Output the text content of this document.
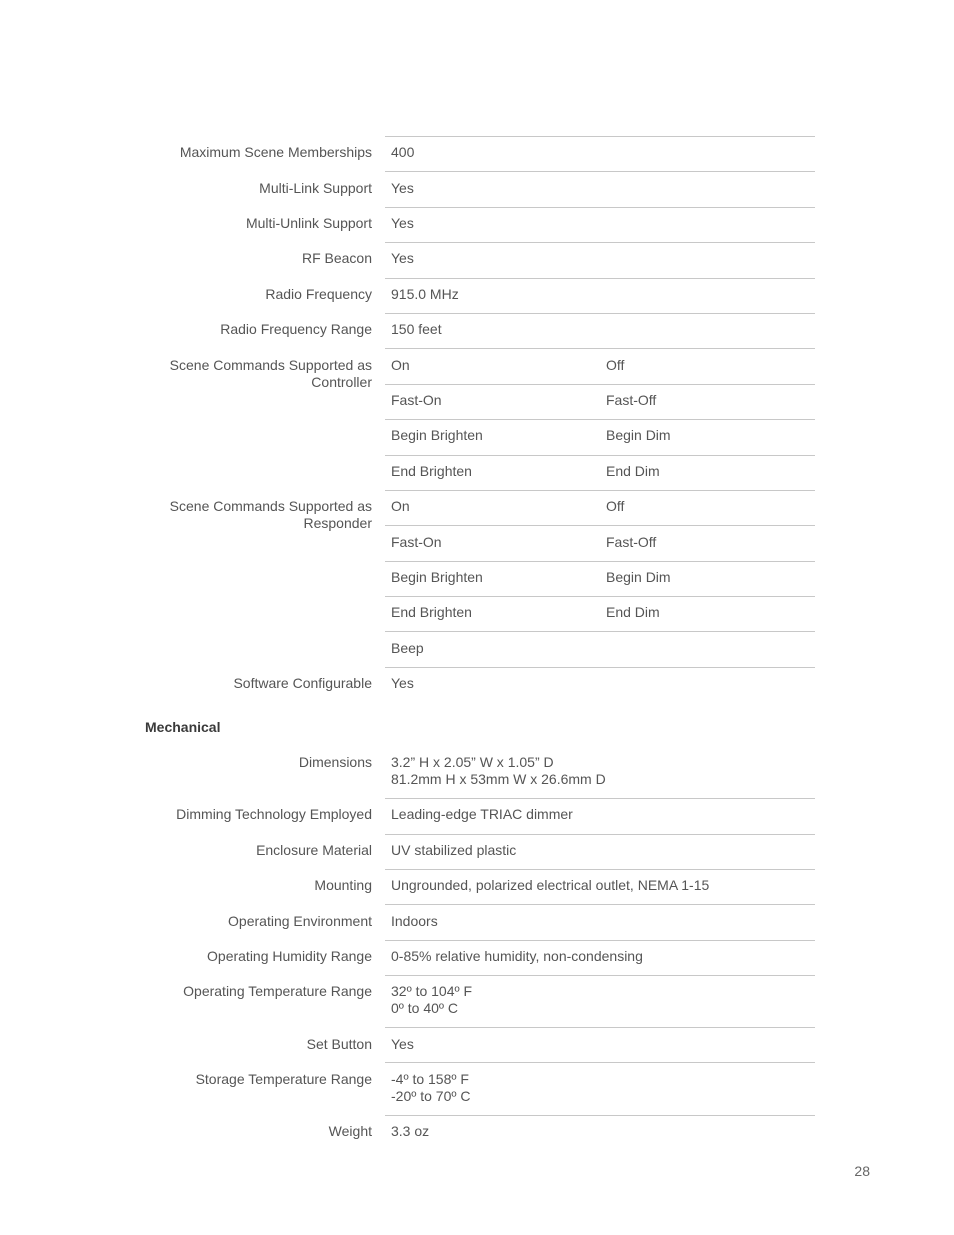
Maximum Scene Memberships 400
Multi-Link Support Yes
Multi-Unlink Support Yes
RF Beacon Yes
Radio Frequency 915.0 MHz
Radio Frequency Range 150 feet
Scene Commands Supported as Controller
On	Off
Fast-On	Fast-Off
Begin Brighten	Begin Dim
End Brighten	End Dim
Scene Commands Supported as Responder
On	Off
Fast-On	Fast-Off
Begin Brighten	Begin Dim
End Brighten	End Dim
Beep
Software Configurable Yes
Dimensions 3.2” H x 2.05” W x 1.05” D
81.2mm H x 53mm W x 26.6mm D
Dimming Technology Employed Leading-edge TRIAC dimmer
Enclosure Material UV stabilized plastic
Mounting Ungrounded, polarized electrical outlet, NEMA 1-15
Operating Environment Indoors
Operating Humidity Range 0-85% relative humidity, non-condensing
Operating Temperature Range 32º to 104º F
0º to 40º C
Set Button Yes
Storage Temperature Range -4º to 158º F
-20º to 70º C
Weight 3.3 oz
Mechanical
28
